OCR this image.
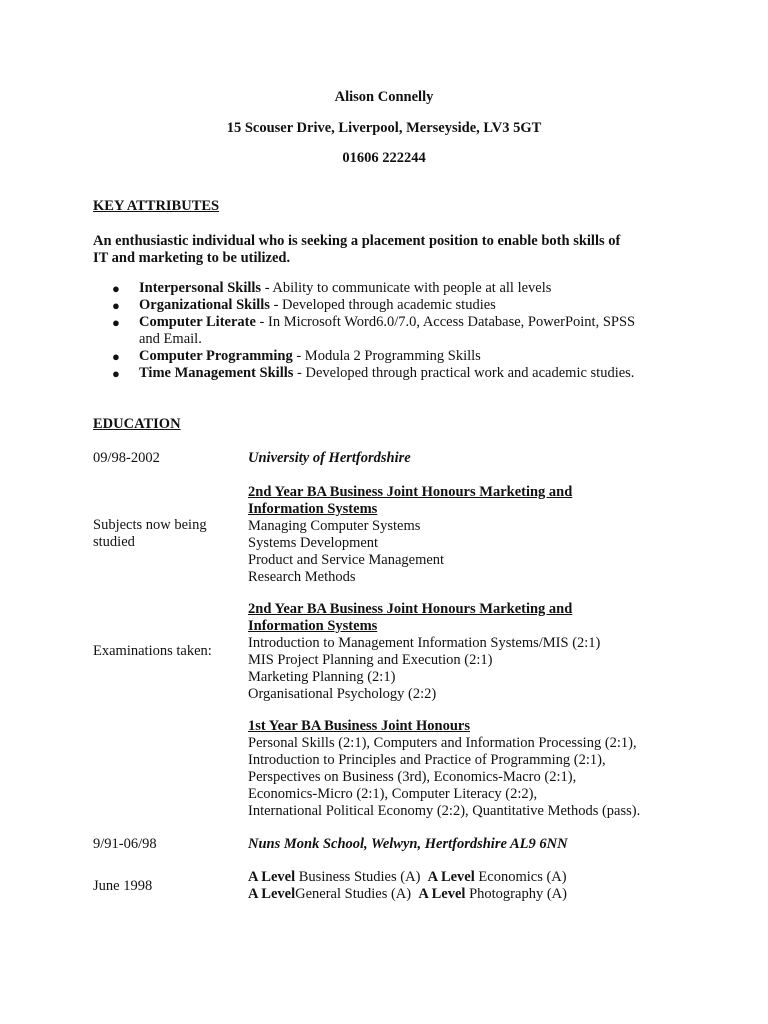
Alison Connelly
15 Scouser Drive, Liverpool, Merseyside, LV3 5GT
01606 222244
KEY ATTRIBUTES
An enthusiastic individual who is seeking a placement position to enable both skills of
IT and marketing to be utilized.
● Interpersonal Skills - Ability to communicate with people at all levels
● Organizational Skills - Developed through academic studies
● Computer Literate - In Microsoft Word6.0/7.0, Access Database, PowerPoint, SPSS
and Email.
● Computer Programming - Modula 2 Programming Skills
● Time Management Skills - Developed through practical work and academic studies.
EDUCATION
09/98-2002	University of Hertfordshire
2nd Year BA Business Joint Honours Marketing and
Information Systems
Managing Computer Systems
Systems Development
Product and Service Management
Research Methods
Subjects now being
studied
2nd Year BA Business Joint Honours Marketing and
Information Systems
Introduction to Management Information Systems/MIS (2:1)
MIS Project Planning and Execution (2:1)
Marketing Planning (2:1)
Organisational Psychology (2:2)
Examinations taken:
1st Year BA Business Joint Honours
Personal Skills (2:1), Computers and Information Processing (2:1),
Introduction to Principles and Practice of Programming (2:1),
Perspectives on Business (3rd), Economics-Macro (2:1),
Economics-Micro (2:1), Computer Literacy (2:2),
International Political Economy (2:2), Quantitative Methods (pass).
9/91-06/98	Nuns Monk School, Welwyn, Hertfordshire AL9 6NN
June 1998
A Level Business Studies (A)  A Level Economics (A)
A LevelGeneral Studies (A)  A Level Photography (A)
